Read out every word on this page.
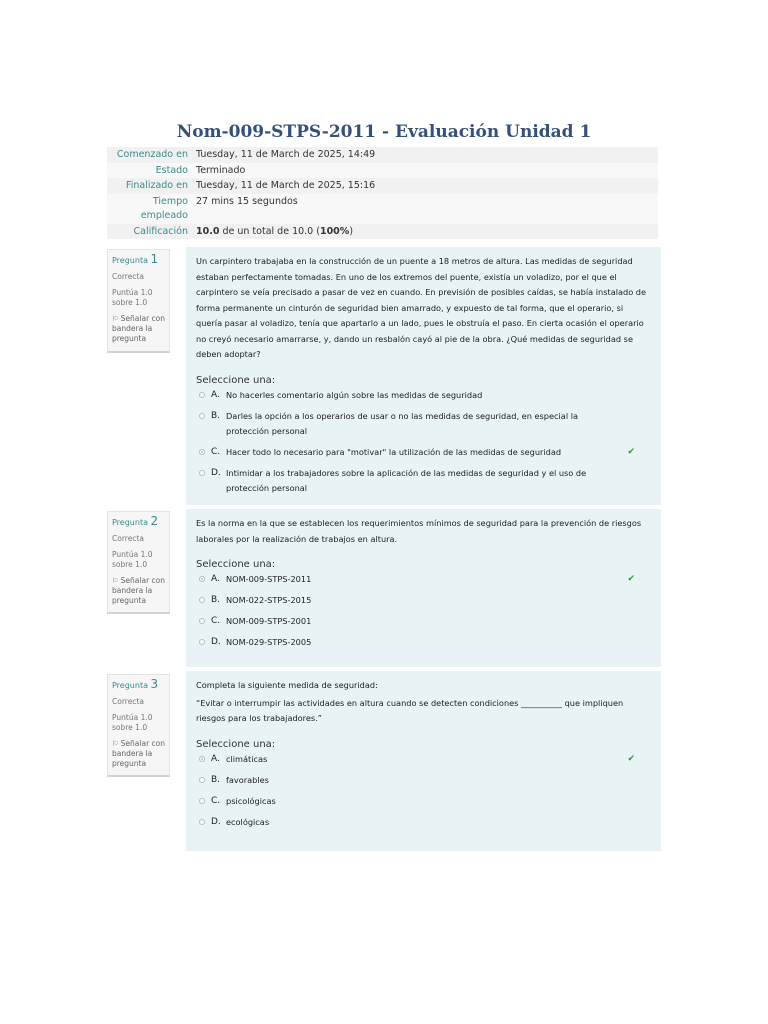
Nom-009-STPS-2011 - Evaluación Unidad 1
Comenzado en Tuesday, 11 de March de 2025, 14:49
Estado Terminado
Finalizado en Tuesday, 11 de March de 2025, 15:16
Tiempo
empleado
27 mins 15 segundos
Calificación 10.0 de un total de 10.0 (100%)
Pregunta 1
Correcta
Puntúa 1.0 sobre 1.0
⚐ Señalar con bandera la pregunta
Un carpintero trabajaba en la construcción de un puente a 18 metros de altura. Las medidas de seguridad estaban perfectamente tomadas. En uno de los extremos del puente, existía un voladizo, por el que el carpintero se veía precisado a pasar de vez en cuando. En previsión de posibles caídas, se había instalado de forma permanente un cinturón de seguridad bien amarrado, y expuesto de tal forma, que el operario, si quería pasar al voladizo, tenía que apartarlo a un lado, pues le obstruía el paso. En cierta ocasión el operario no creyó necesario amarrarse, y, dando un resbalón cayó al pie de la obra. ¿Qué medidas de seguridad se deben adoptar?
Seleccione una:
A. No hacerles comentario algún sobre las medidas de seguridad
B. Darles la opción a los operarios de usar o no las medidas de seguridad, en especial la protección personal
C. Hacer todo lo necesario para "motivar" la utilización de las medidas de seguridad	✔
D. Intimidar a los trabajadores sobre la aplicación de las medidas de seguridad y el uso de protección personal
Pregunta 2
Correcta
Puntúa 1.0 sobre 1.0
⚐ Señalar con bandera la pregunta
Es la norma en la que se establecen los requerimientos mínimos de seguridad para la prevención de riesgos laborales por la realización de trabajos en altura.
Seleccione una:
A. NOM-009-STPS-2011	✔
B. NOM-022-STPS-2015
C. NOM-009-STPS-2001
D. NOM-029-STPS-2005
Pregunta 3
Correcta
Puntúa 1.0 sobre 1.0
⚐ Señalar con bandera la pregunta
Completa la siguiente medida de seguridad:
“Evitar o interrumpir las actividades en altura cuando se detecten condiciones __________ que impliquen riesgos para los trabajadores.”
Seleccione una:
A. climáticas	✔
B. favorables
C. psicológicas
D. ecológicas
